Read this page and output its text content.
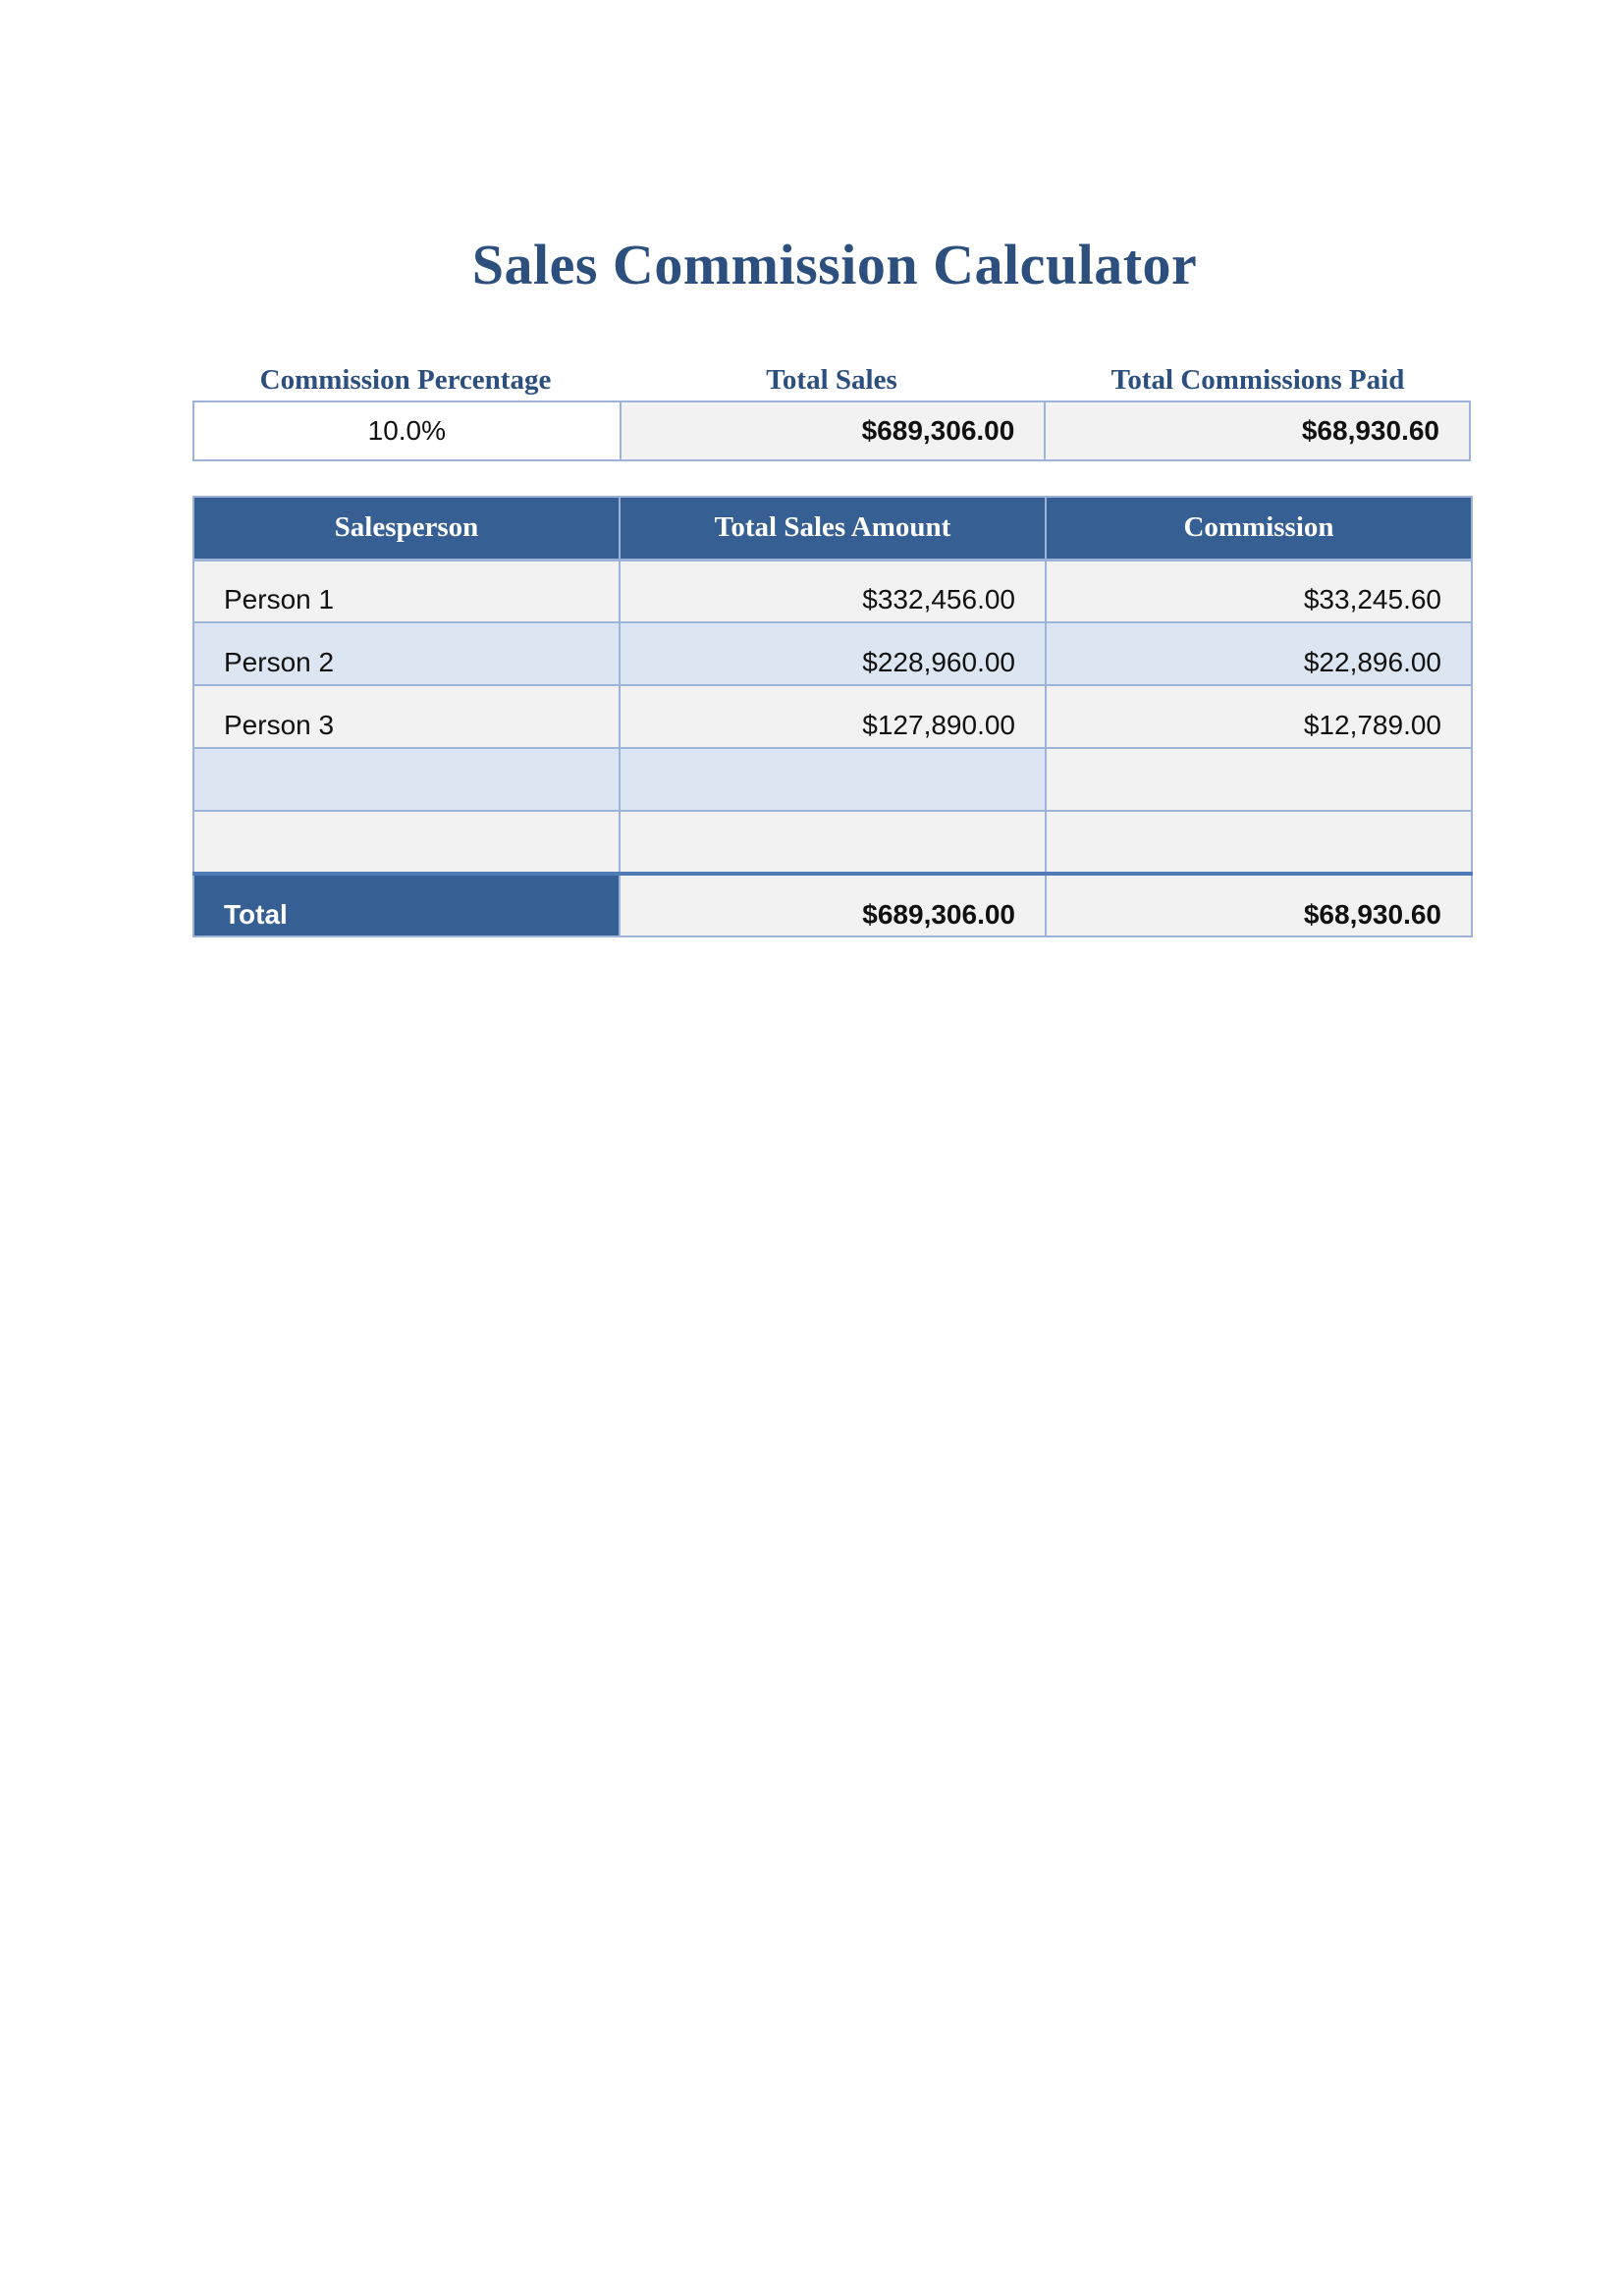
Sales Commission Calculator
Commission Percentage	Total Sales	Total Commissions Paid
10.0%	$689,306.00	$68,930.60
Salesperson	Total Sales Amount	Commission
Person 1	$332,456.00	$33,245.60
Person 2	$228,960.00	$22,896.00
Person 3	$127,890.00	$12,789.00

Total	$689,306.00	$68,930.60
